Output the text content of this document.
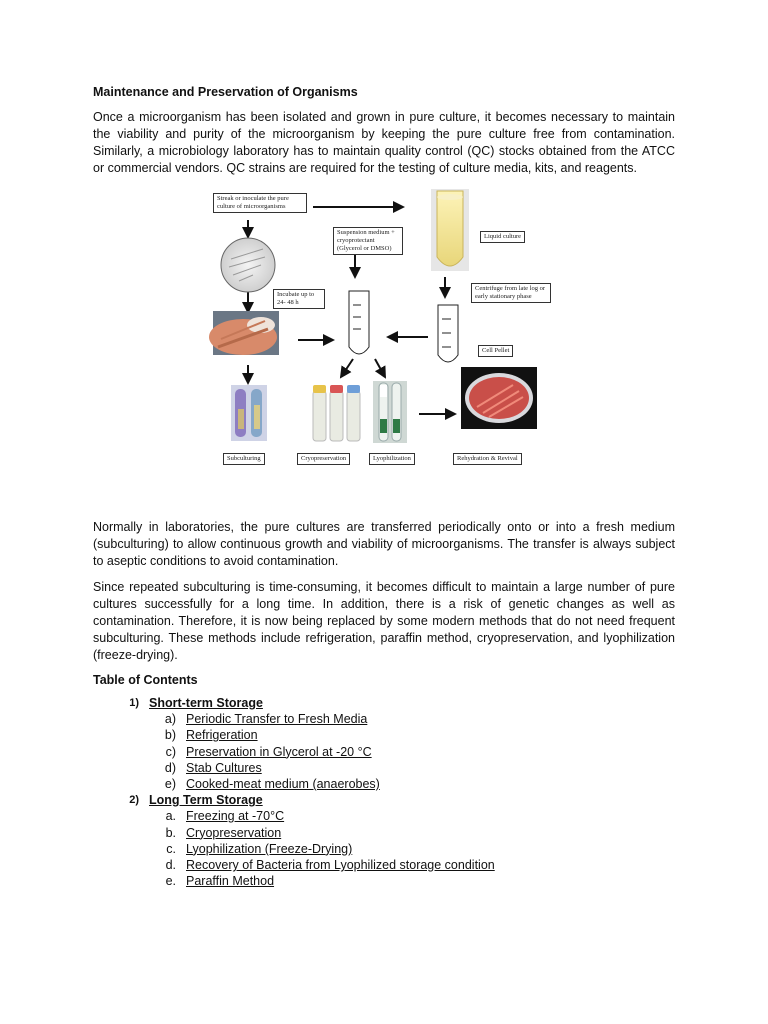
Maintenance and Preservation of Organisms

Once a microorganism has been isolated and grown in pure culture, it becomes necessary to maintain the viability and purity of the microorganism by keeping the pure culture free from contamination. Similarly, a microbiology laboratory has to maintain quality control (QC) stocks obtained from the ATCC or commercial vendors. QC strains are required for the testing of culture media, kits, and reagents.

Streak or inoculate the pure culture of microorganisms
Suspension medium + cryoprotectant (Glycerol or DMSO)
Liquid culture
Centrifuge from late log or early stationary phase
Incubate up to 24- 48 h
Cell Pellet
Subculturing	Cryopreservation	Lyophilization	Rehydration & Revival

Normally in laboratories, the pure cultures are transferred periodically onto or into a fresh medium (subculturing) to allow continuous growth and viability of microorganisms. The transfer is always subject to aseptic conditions to avoid contamination.

Since repeated subculturing is time-consuming, it becomes difficult to maintain a large number of pure cultures successfully for a long time. In addition, there is a risk of genetic changes as well as contamination. Therefore, it is now being replaced by some modern methods that do not need frequent subculturing. These methods include refrigeration, paraffin method, cryopreservation, and lyophilization (freeze-drying).

Table of Contents
1) Short-term Storage
a) Periodic Transfer to Fresh Media
b) Refrigeration
c) Preservation in Glycerol at -20 °C
d) Stab Cultures
e) Cooked-meat medium (anaerobes)
2) Long Term Storage
a. Freezing at -70°C
b. Cryopreservation
c. Lyophilization (Freeze-Drying)
d. Recovery of Bacteria from Lyophilized storage condition
e. Paraffin Method
